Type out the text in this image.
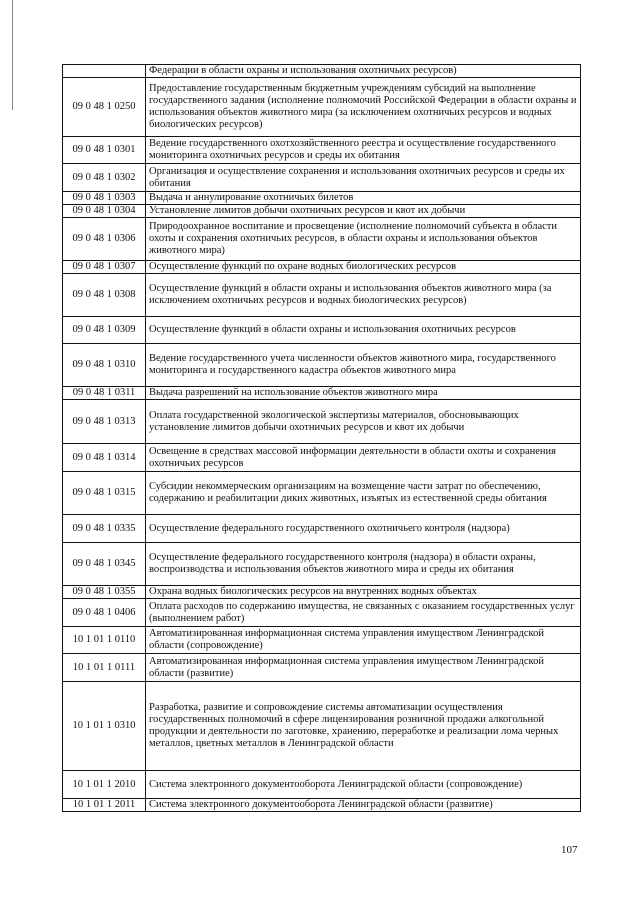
	Федерации в области охраны и использования охотничьих ресурсов)
09 0 48 1 0250	Предоставление государственным бюджетным учреждениям субсидий на выполнение государственного задания (исполнение полномочий Российской Федерации в области охраны и использования объектов животного мира (за исключением охотничьих ресурсов и водных биологических ресурсов)
09 0 48 1 0301	Ведение государственного охотхозяйственного реестра и осуществление государственного мониторинга охотничьих ресурсов и среды их обитания
09 0 48 1 0302	Организация и осуществление сохранения и использования охотничьих ресурсов и среды их обитания
09 0 48 1 0303	Выдача и аннулирование охотничьих билетов
09 0 48 1 0304	Установление лимитов добычи охотничьих ресурсов и квот их добычи
09 0 48 1 0306	Природоохранное воспитание и просвещение (исполнение полномочий субъекта в области охоты и сохранения охотничьих ресурсов, в области охраны и использования объектов животного мира)
09 0 48 1 0307	Осуществление функций по охране водных биологических ресурсов
09 0 48 1 0308	Осуществление функций в области охраны и использования объектов животного мира (за исключением охотничьих ресурсов и водных биологических ресурсов)
09 0 48 1 0309	Осуществление функций в области охраны и использования охотничьих ресурсов
09 0 48 1 0310	Ведение государственного учета численности объектов животного мира, государственного мониторинга и государственного кадастра объектов животного мира
09 0 48 1 0311	Выдача разрешений на использование объектов животного мира
09 0 48 1 0313	Оплата государственной экологической экспертизы материалов, обосновывающих установление лимитов добычи охотничьих ресурсов и квот их добычи
09 0 48 1 0314	Освещение в средствах массовой информации деятельности в области охоты и сохранения охотничьих ресурсов
09 0 48 1 0315	Субсидии некоммерческим организациям на возмещение части затрат по обеспечению, содержанию и реабилитации диких животных, изъятых из естественной среды обитания
09 0 48 1 0335	Осуществление федерального государственного охотничьего контроля (надзора)
09 0 48 1 0345	Осуществление федерального государственного контроля (надзора) в области охраны, воспроизводства и использования объектов животного мира и среды их обитания
09 0 48 1 0355	Охрана водных биологических ресурсов на внутренних водных объектах
09 0 48 1 0406	Оплата расходов по содержанию имущества, не связанных с оказанием государственных услуг (выполнением работ)
10 1 01 1 0110	Автоматизированная информационная система управления имуществом Ленинградской области (сопровождение)
10 1 01 1 0111	Автоматизированная информационная система управления имуществом Ленинградской области (развитие)
10 1 01 1 0310	Разработка, развитие и сопровождение системы автоматизации осуществления государственных полномочий в сфере лицензирования розничной продажи алкогольной продукции и деятельности по заготовке, хранению, переработке и реализации лома черных металлов, цветных металлов в Ленинградской области
10 1 01 1 2010	Система электронного документооборота Ленинградской области (сопровождение)
10 1 01 1 2011	Система электронного документооборота Ленинградской области (развитие)
107
